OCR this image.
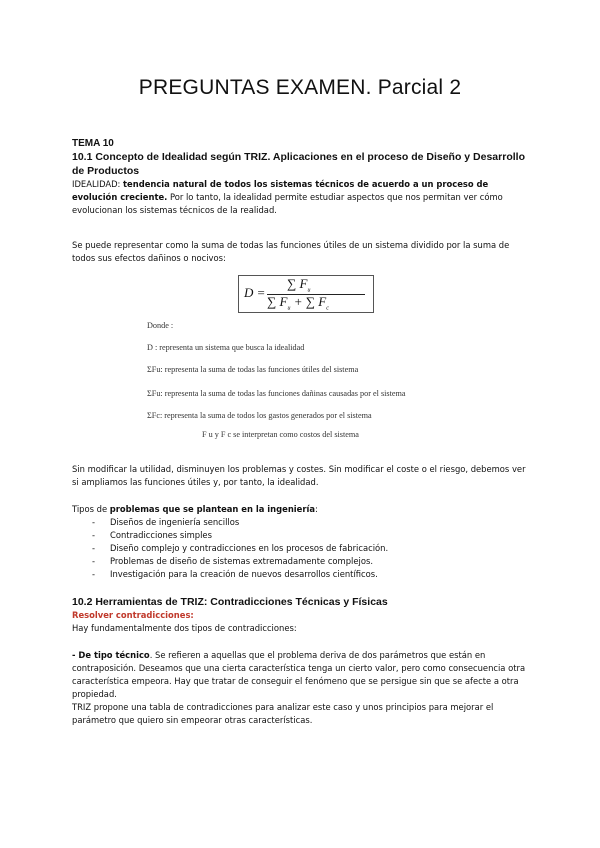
PREGUNTAS EXAMEN. Parcial 2

TEMA 10

10.1 Concepto de Idealidad según TRIZ. Aplicaciones en el proceso de Diseño y Desarrollo de Productos

IDEALIDAD: tendencia natural de todos los sistemas técnicos de acuerdo a un proceso de evolución creciente. Por lo tanto, la idealidad permite estudiar aspectos que nos permitan ver cómo evolucionan los sistemas técnicos de la realidad.

Se puede representar como la suma de todas las funciones útiles de un sistema dividido por la suma de todos sus efectos dañinos o nocivos:

D =
∑ $F_u$
∑ $F_u$ + ∑ $F_c$

Donde :

D : representa un sistema que busca la idealidad

ΣFu: representa la suma de todas las funciones útiles del sistema

ΣFu: representa la suma de todas las funciones dañinas causadas por el sistema

ΣFc: representa la suma de todos los gastos generados por el sistema

F u y F c se interpretan como costos del sistema

Sin modificar la utilidad, disminuyen los problemas y costes. Sin modificar el coste o el riesgo, debemos ver si ampliamos las funciones útiles y, por tanto, la idealidad.

Tipos de problemas que se plantean en la ingeniería:

- Diseños de ingeniería sencillos
- Contradicciones simples
- Diseño complejo y contradicciones en los procesos de fabricación.
- Problemas de diseño de sistemas extremadamente complejos.
- Investigación para la creación de nuevos desarrollos científicos.

10.2 Herramientas de TRIZ: Contradicciones Técnicas y Físicas

Resolver contradicciones:

Hay fundamentalmente dos tipos de contradicciones:

- De tipo técnico. Se refieren a aquellas que el problema deriva de dos parámetros que están en contraposición. Deseamos que una cierta característica tenga un cierto valor, pero como consecuencia otra característica empeora. Hay que tratar de conseguir el fenómeno que se persigue sin que se afecte a otra propiedad.

TRIZ propone una tabla de contradicciones para analizar este caso y unos principios para mejorar el parámetro que quiero sin empeorar otras características.
